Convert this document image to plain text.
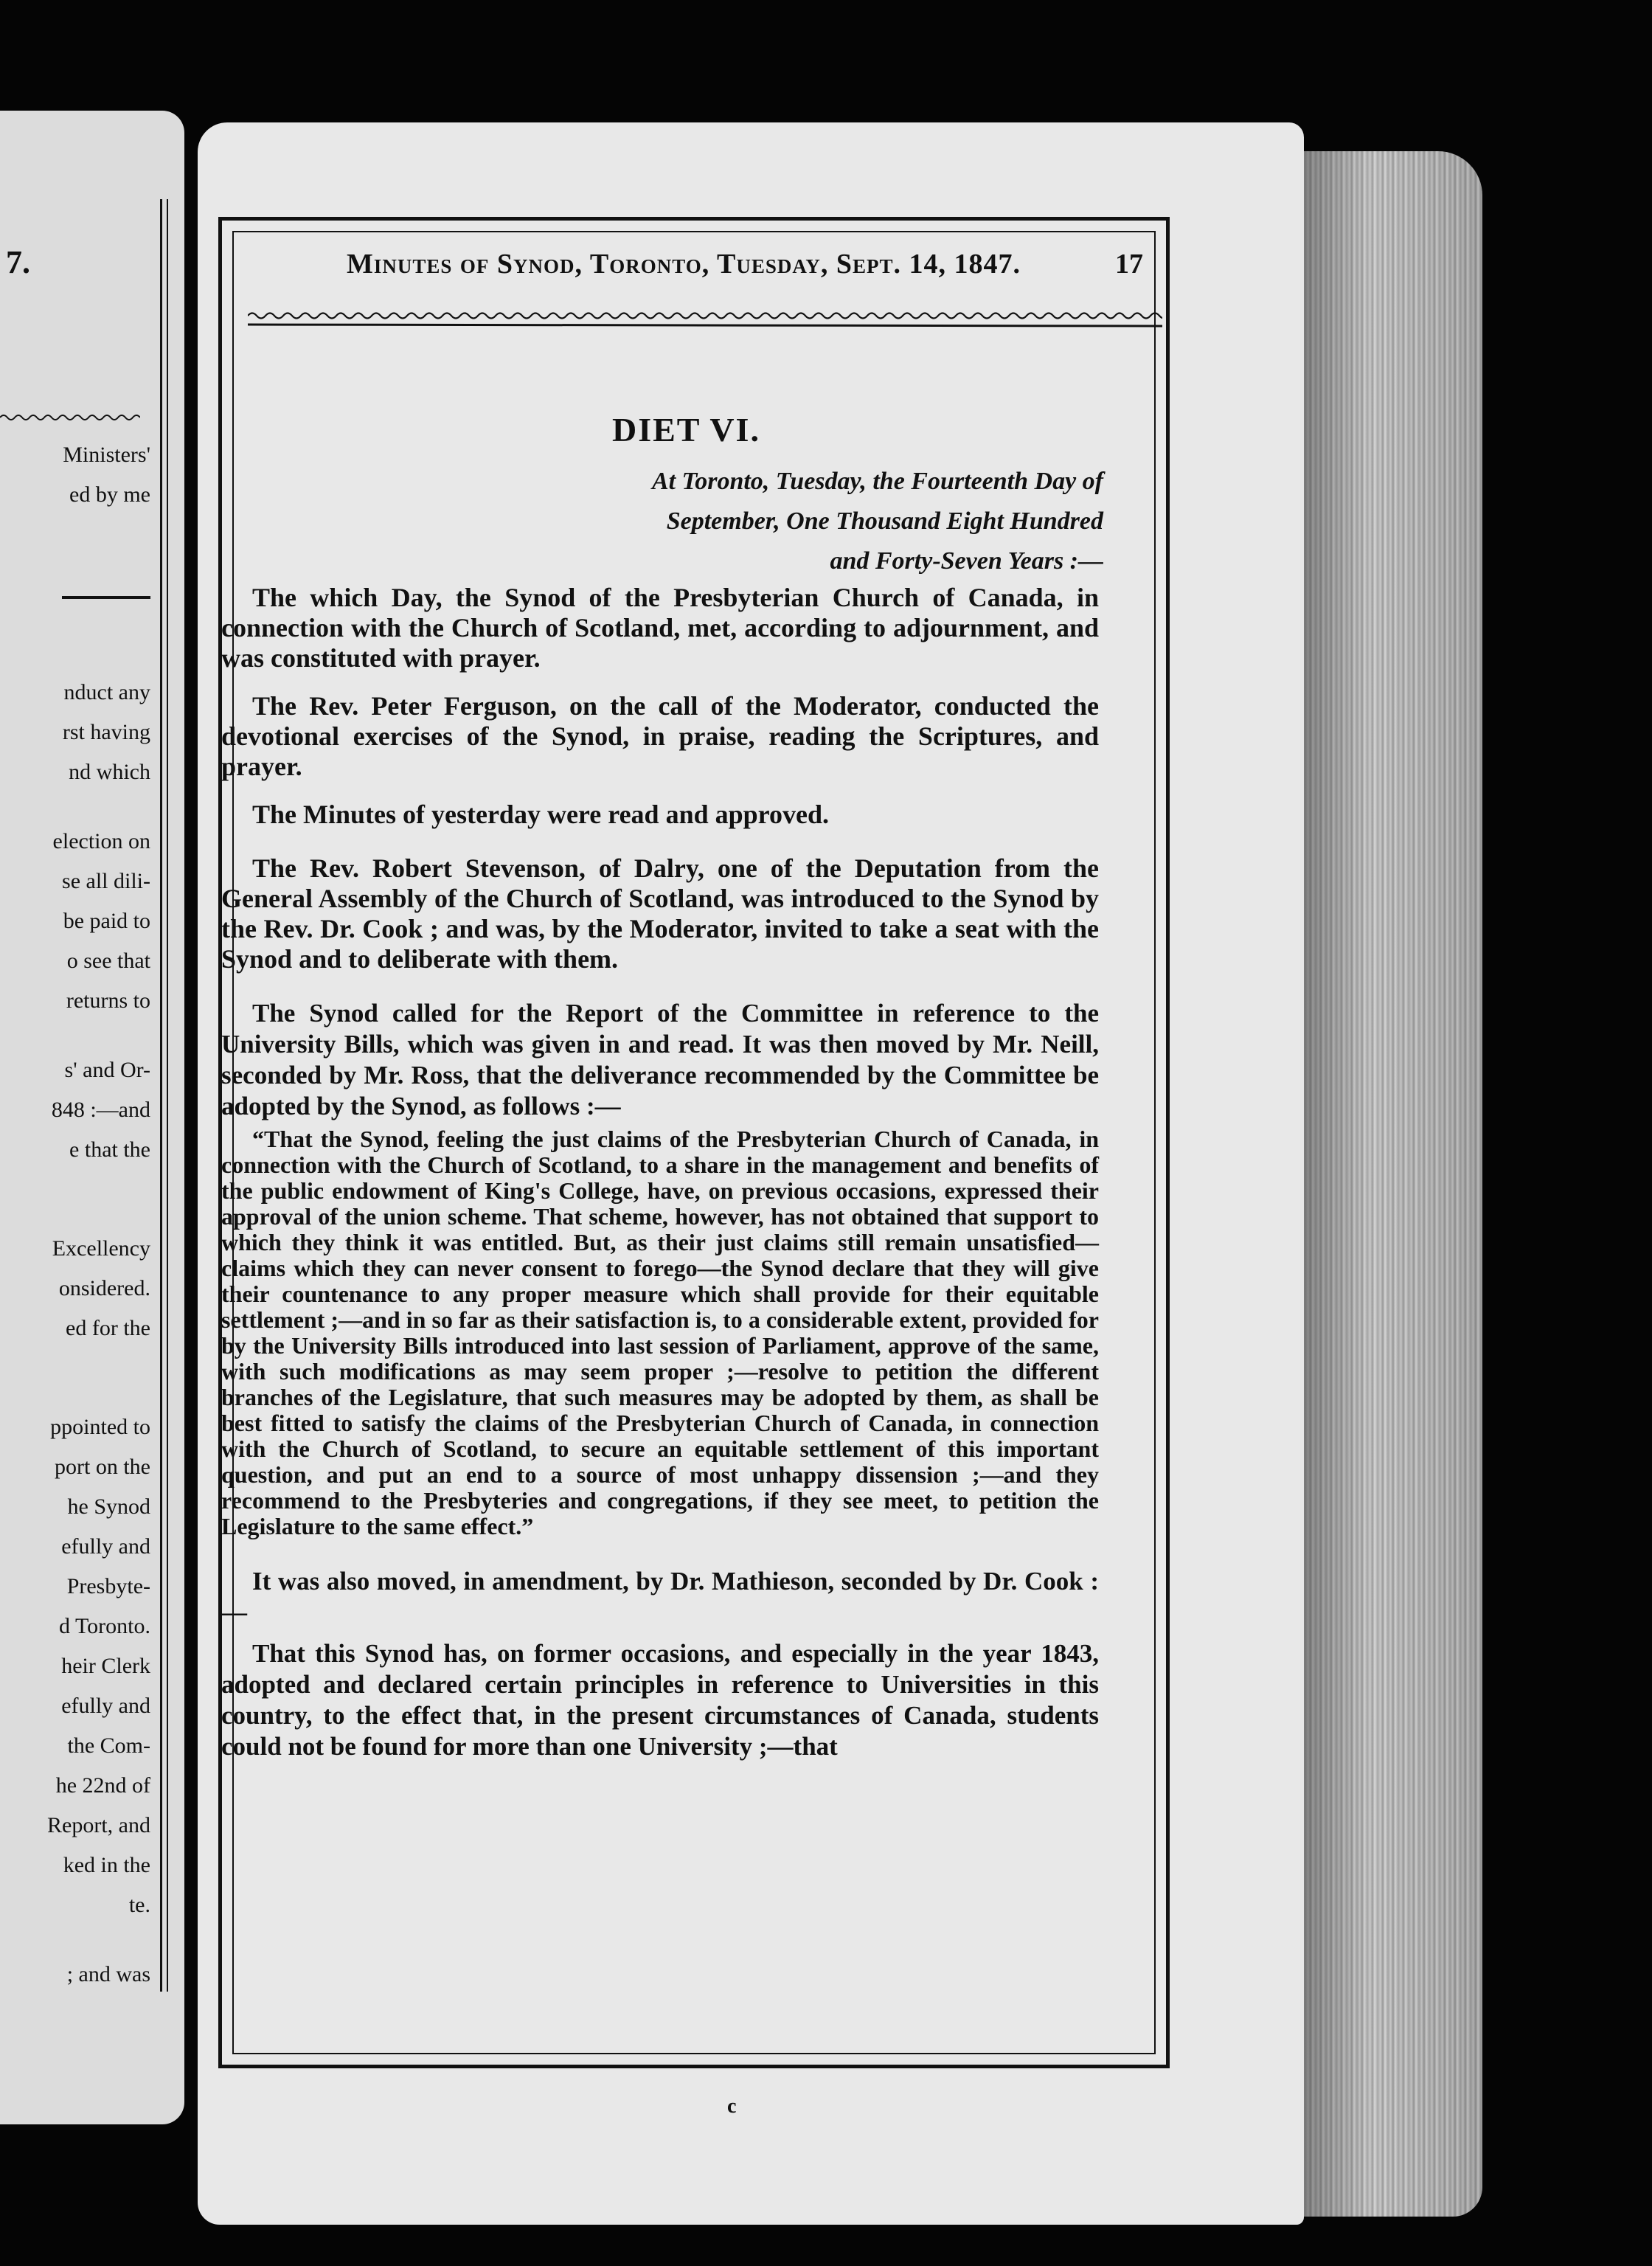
7.
Ministers'
ed by me
nduct any
rst having
nd which
election on
se all dili-
be paid to
o see that
returns to
s' and Or-
848 :—and
e that the
Excellency
onsidered.
ed for the
ppointed to
port on the
he Synod
efully and
Presbyte-
d Toronto.
heir Clerk
efully and
the Com-
he 22nd of
Report, and
ked in the
te.
; and was
Minutes of Synod, Toronto, Tuesday, Sept. 14, 1847.	17
DIET VI.
At Toronto, Tuesday, the Fourteenth Day of
September, One Thousand Eight Hundred
and Forty-Seven Years :—

The which Day, the Synod of the Presbyterian Church of Canada, in connection with the Church of Scotland, met, according to adjournment, and was constituted with prayer.

The Rev. Peter Ferguson, on the call of the Moderator, conducted the devotional exercises of the Synod, in praise, reading the Scriptures, and prayer.

The Minutes of yesterday were read and approved.

The Rev. Robert Stevenson, of Dalry, one of the Deputation from the General Assembly of the Church of Scotland, was introduced to the Synod by the Rev. Dr. Cook ; and was, by the Moderator, invited to take a seat with the Synod and to deliberate with them.

The Synod called for the Report of the Committee in reference to the University Bills, which was given in and read. It was then moved by Mr. Neill, seconded by Mr. Ross, that the deliverance recommended by the Committee be adopted by the Synod, as follows :—

“That the Synod, feeling the just claims of the Presbyterian Church of Canada, in connection with the Church of Scotland, to a share in the management and benefits of the public endowment of King's College, have, on previous occasions, expressed their approval of the union scheme. That scheme, however, has not obtained that support to which they think it was entitled. But, as their just claims still remain unsatisfied—claims which they can never consent to forego—the Synod declare that they will give their countenance to any proper measure which shall provide for their equitable settlement ;—and in so far as their satisfaction is, to a considerable extent, provided for by the University Bills introduced into last session of Parliament, approve of the same, with such modifications as may seem proper ;—resolve to petition the different branches of the Legislature, that such measures may be adopted by them, as shall be best fitted to satisfy the claims of the Presbyterian Church of Canada, in connection with the Church of Scotland, to secure an equitable settlement of this important question, and put an end to a source of most unhappy dissension ;—and they recommend to the Presbyteries and congregations, if they see meet, to petition the Legislature to the same effect.”

It was also moved, in amendment, by Dr. Mathieson, seconded by Dr. Cook :—

That this Synod has, on former occasions, and especially in the year 1843, adopted and declared certain principles in reference to Universities in this country, to the effect that, in the present circumstances of Canada, students could not be found for more than one University ;—that

c
